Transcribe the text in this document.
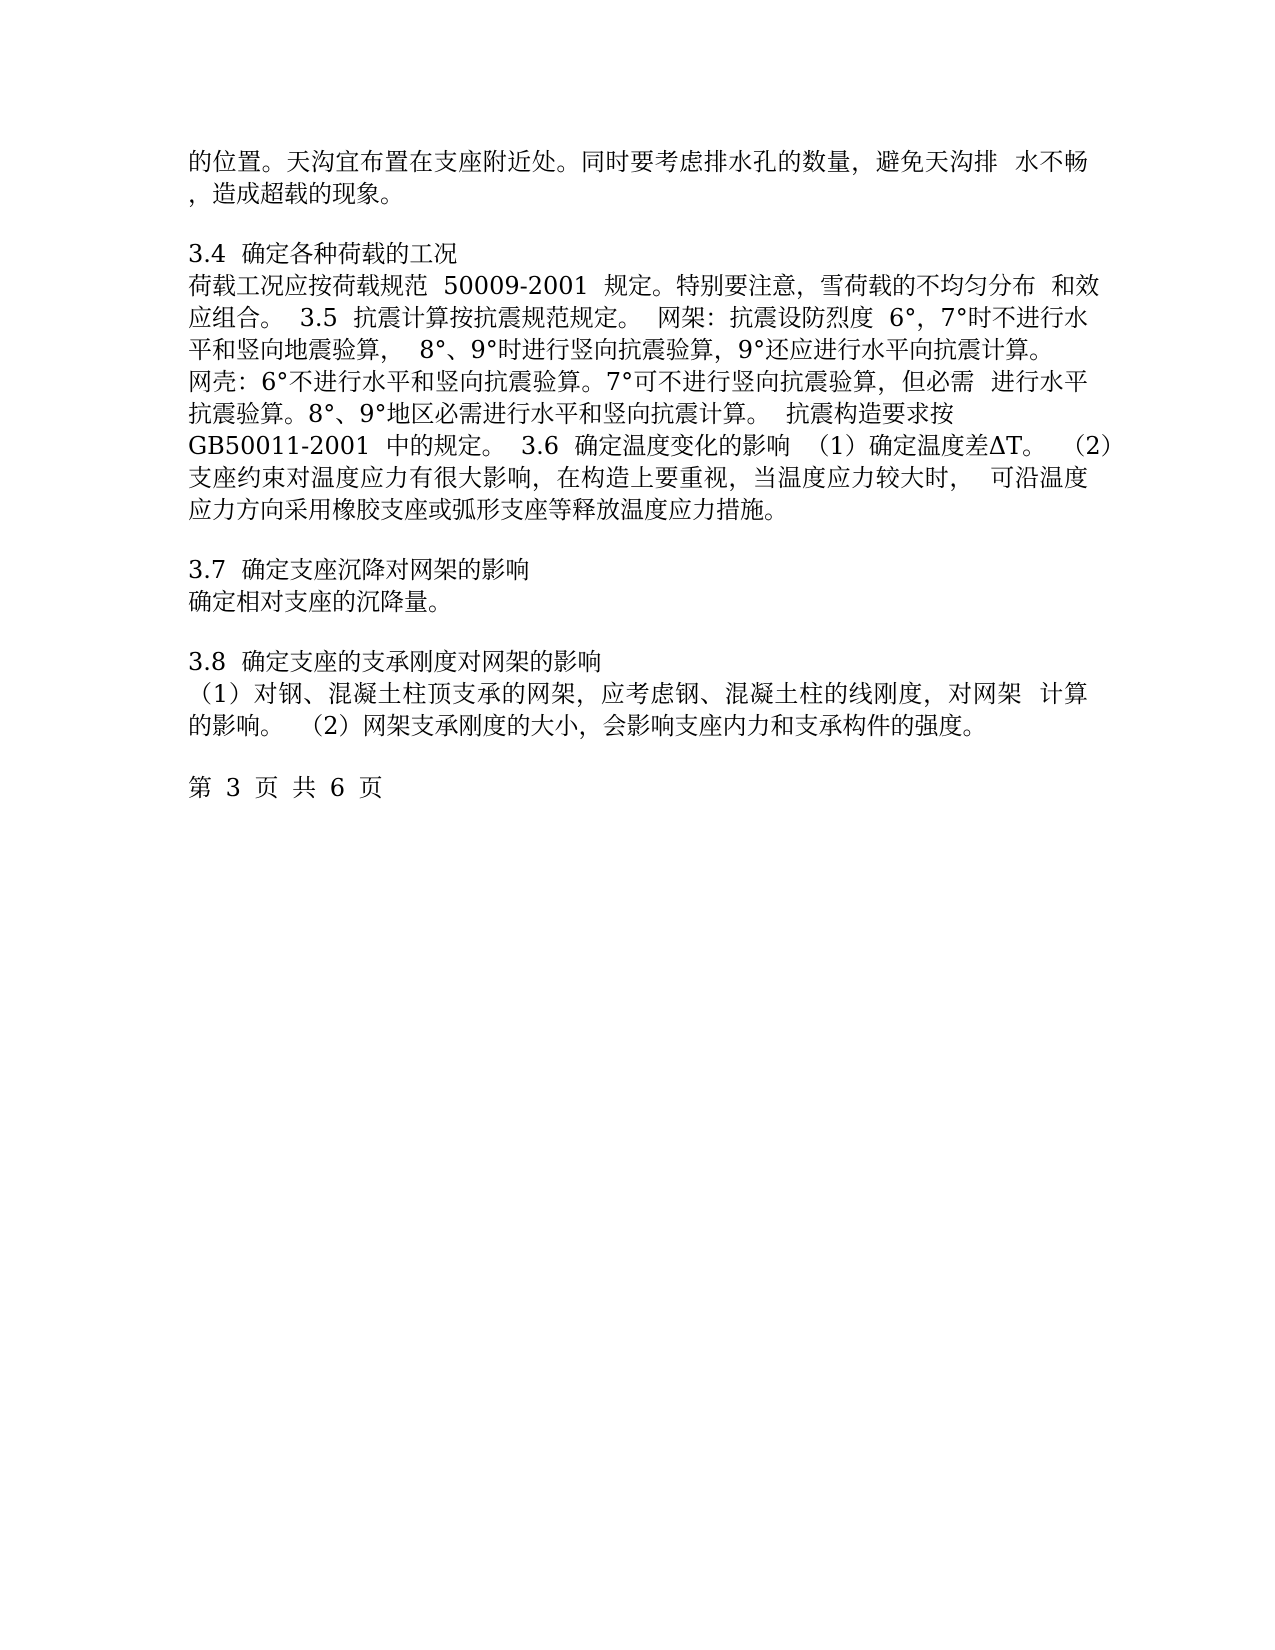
的位置。天沟宜布置在支座附近处。同时要考虑排水孔的数量，避免天沟排  水不畅
，造成超载的现象。
3.4  确定各种荷载的工况
荷载工况应按荷载规范  50009-2001  规定。特别要注意，雪荷载的不均匀分布  和效
应组合。  3.5  抗震计算按抗震规范规定。  网架：抗震设防烈度  6°，7°时不进行水
平和竖向地震验算，  8°、9°时进行竖向抗震验算，9°还应进行水平向抗震计算。
网壳：6°不进行水平和竖向抗震验算。7°可不进行竖向抗震验算，但必需  进行水平
抗震验算。8°、9°地区必需进行水平和竖向抗震计算。  抗震构造要求按
GB50011-2001  中的规定。  3.6  确定温度变化的影响  （1）确定温度差ΔT。  （2）
支座约束对温度应力有很大影响，在构造上要重视，当温度应力较大时，  可沿温度
应力方向采用橡胶支座或弧形支座等释放温度应力措施。
3.7  确定支座沉降对网架的影响
确定相对支座的沉降量。
3.8  确定支座的支承刚度对网架的影响
（1）对钢、混凝土柱顶支承的网架，应考虑钢、混凝土柱的线刚度，对网架  计算
的影响。  （2）网架支承刚度的大小，会影响支座内力和支承构件的强度。
第 3 页 共 6 页
